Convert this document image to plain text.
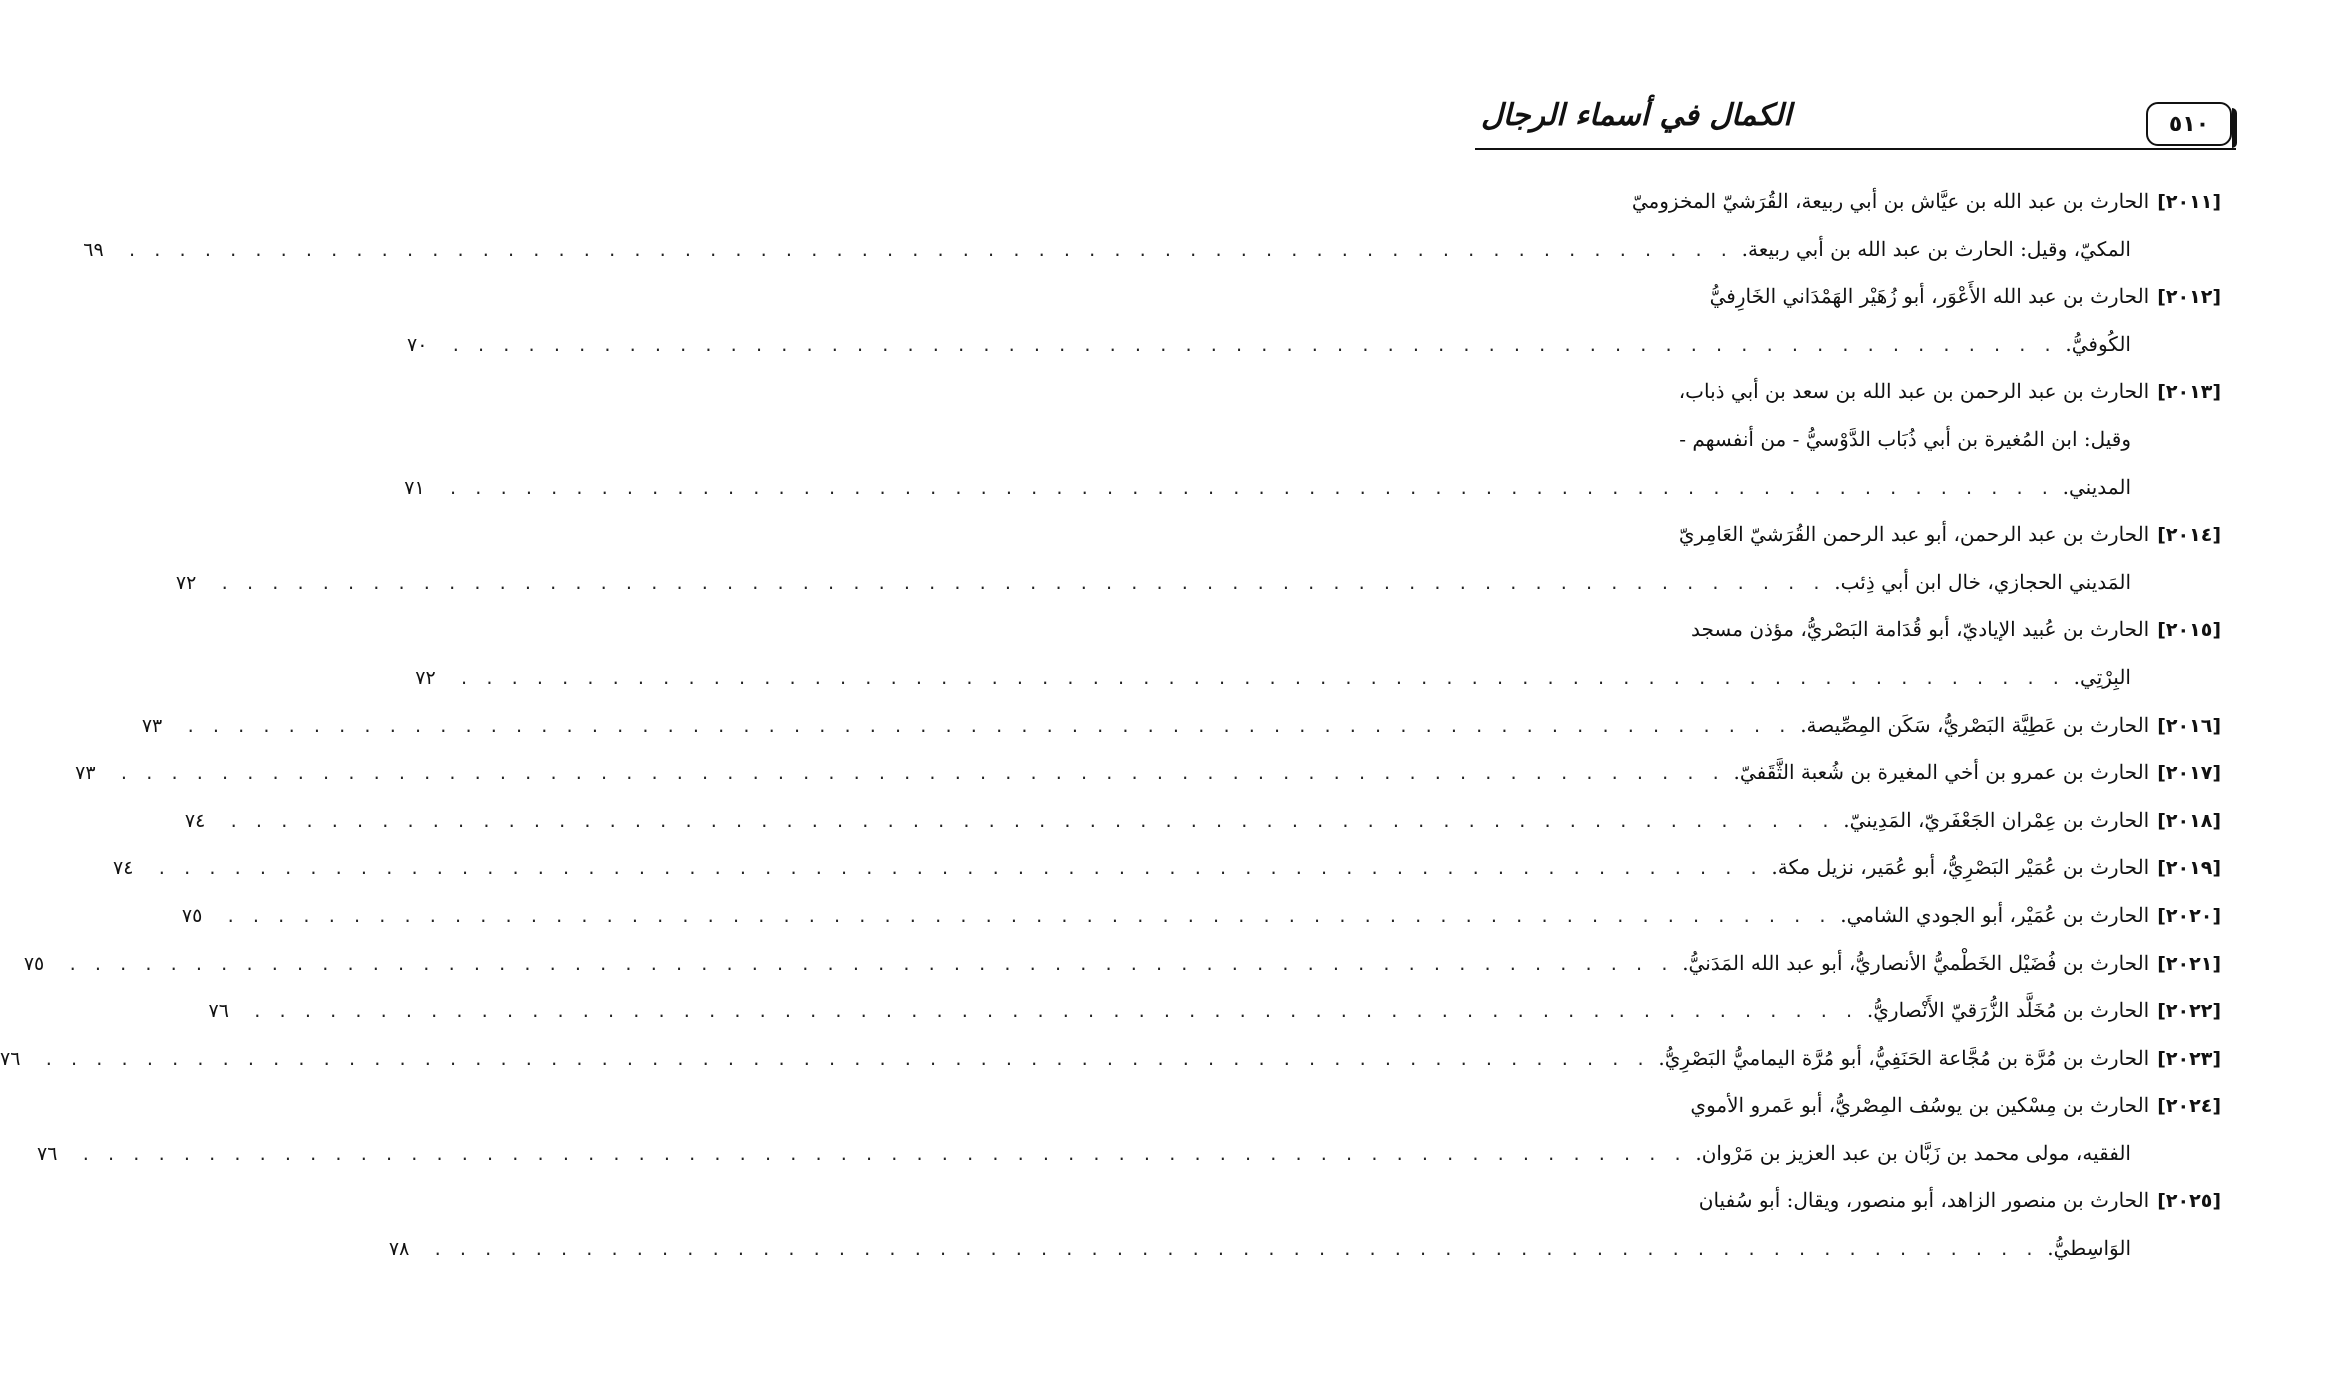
٥١٠
الكمال في أسماء الرجال
[٢٠١١]الحارث بن عبد الله بن عيَّاش بن أبي ربيعة، القُرَشيّ المخزوميّ
المكيّ، وقيل: الحارث بن عبد الله بن أبي ربيعة.
. . . . . . . . . . . . . . . . . . . . . . . . . . . . . . . . . . . . . . . . . . . . . . . . . . . . . . . . . . . . . . . .
٦٩
[٢٠١٢]الحارث بن عبد الله الأَعْوَر، أبو زُهَيْر الهَمْدَاني الخَارِفيُّ
الكُوفيُّ.
. . . . . . . . . . . . . . . . . . . . . . . . . . . . . . . . . . . . . . . . . . . . . . . . . . . . . . . . . . . . . . . .
٧٠
[٢٠١٣]الحارث بن عبد الرحمن بن عبد الله بن سعد بن أبي ذباب،
وقيل: ابن المُغيرة بن أبي ذُبَاب الدَّوْسيُّ - من أنفسهم -
المديني.
. . . . . . . . . . . . . . . . . . . . . . . . . . . . . . . . . . . . . . . . . . . . . . . . . . . . . . . . . . . . . . . .
٧١
[٢٠١٤]الحارث بن عبد الرحمن، أبو عبد الرحمن القُرَشيّ العَامِريّ
المَديني الحجازي، خال ابن أبي ذِئب.
. . . . . . . . . . . . . . . . . . . . . . . . . . . . . . . . . . . . . . . . . . . . . . . . . . . . . . . . . . . . . . . .
٧٢
[٢٠١٥]الحارث بن عُبيد الإياديّ، أبو قُدَامة البَصْريُّ، مؤذن مسجد
البِرْتِي.
. . . . . . . . . . . . . . . . . . . . . . . . . . . . . . . . . . . . . . . . . . . . . . . . . . . . . . . . . . . . . . . .
٧٢
[٢٠١٦]الحارث بن عَطِيَّة البَصْريُّ، سَكَن المِصِّيصة.
. . . . . . . . . . . . . . . . . . . . . . . . . . . . . . . . . . . . . . . . . . . . . . . . . . . . . . . . . . . . . . . .
٧٣
[٢٠١٧]الحارث بن عمرو بن أخي المغيرة بن شُعبة الثَّقَفيّ.
. . . . . . . . . . . . . . . . . . . . . . . . . . . . . . . . . . . . . . . . . . . . . . . . . . . . . . . . . . . . . . . .
٧٣
[٢٠١٨]الحارث بن عِمْران الجَعْفَريّ، المَدِينيّ.
. . . . . . . . . . . . . . . . . . . . . . . . . . . . . . . . . . . . . . . . . . . . . . . . . . . . . . . . . . . . . . . .
٧٤
[٢٠١٩]الحارث بن عُمَيْر البَصْرِيُّ، أبو عُمَير، نزيل مكة.
. . . . . . . . . . . . . . . . . . . . . . . . . . . . . . . . . . . . . . . . . . . . . . . . . . . . . . . . . . . . . . . .
٧٤
[٢٠٢٠]الحارث بن عُمَيْر، أبو الجودي الشامي.
. . . . . . . . . . . . . . . . . . . . . . . . . . . . . . . . . . . . . . . . . . . . . . . . . . . . . . . . . . . . . . . .
٧٥
[٢٠٢١]الحارث بن فُضَيْل الخَطْميُّ الأنصاريُّ، أبو عبد الله المَدَنيُّ.
. . . . . . . . . . . . . . . . . . . . . . . . . . . . . . . . . . . . . . . . . . . . . . . . . . . . . . . . . . . . . . . .
٧٥
[٢٠٢٢]الحارث بن مُخَلَّد الزُّرَقيّ الأَنْصاريُّ.
. . . . . . . . . . . . . . . . . . . . . . . . . . . . . . . . . . . . . . . . . . . . . . . . . . . . . . . . . . . . . . . .
٧٦
[٢٠٢٣]الحارث بن مُرَّة بن مُجَّاعة الحَنَفِيُّ، أبو مُرَّة اليماميُّ البَصْرِيُّ.
. . . . . . . . . . . . . . . . . . . . . . . . . . . . . . . . . . . . . . . . . . . . . . . . . . . . . . . . . . . . . . . .
٧٦
[٢٠٢٤]الحارث بن مِسْكين بن يوسُف المِصْريُّ، أبو عَمرو الأموي
الفقيه، مولى محمد بن زَبَّان بن عبد العزيز بن مَرْوان.
. . . . . . . . . . . . . . . . . . . . . . . . . . . . . . . . . . . . . . . . . . . . . . . . . . . . . . . . . . . . . . . .
٧٦
[٢٠٢٥]الحارث بن منصور الزاهد، أبو منصور، ويقال: أبو سُفيان
الوَاسِطيُّ.
. . . . . . . . . . . . . . . . . . . . . . . . . . . . . . . . . . . . . . . . . . . . . . . . . . . . . . . . . . . . . . . .
٧٨
